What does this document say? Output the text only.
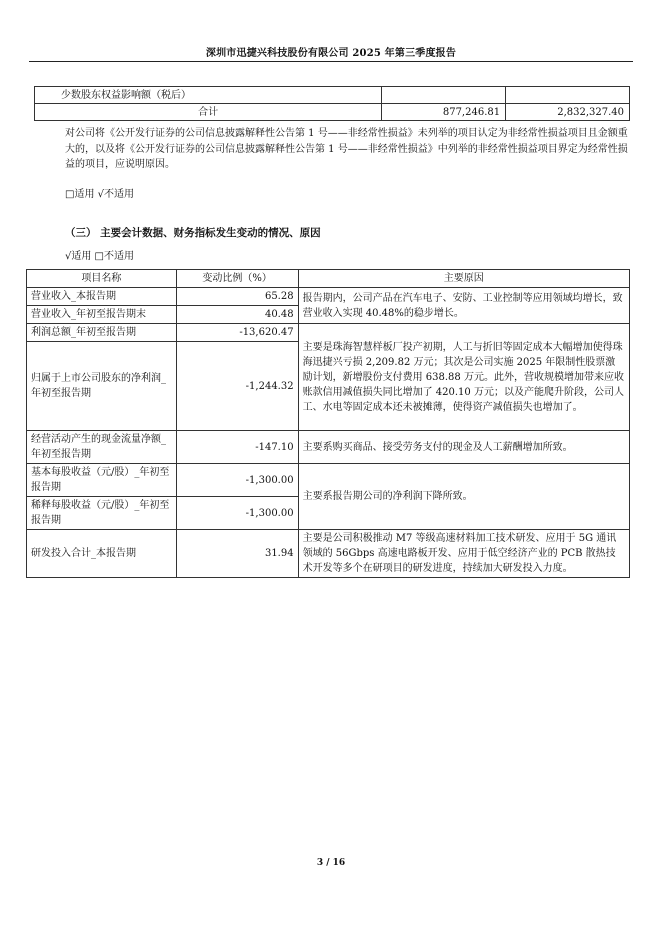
深圳市迅捷兴科技股份有限公司 2025 年第三季度报告
少数股东权益影响额（税后）		
合计	877,246.81	2,832,327.40
对公司将《公开发行证券的公司信息披露解释性公告第 1 号——非经常性损益》未列举的项目认定为非经常性损益项目且金额重大的，以及将《公开发行证券的公司信息披露解释性公告第 1 号——非经常性损益》中列举的非经常性损益项目界定为经常性损益的项目，应说明原因。
□适用 √不适用
（三） 主要会计数据、财务指标发生变动的情况、原因
√适用 □不适用
项目名称	变动比例（%）	主要原因
营业收入_本报告期	65.28	报告期内，公司产品在汽车电子、安防、工业控制等应用领域均增长，致营业收入实现 40.48%的稳步增长。
营业收入_年初至报告期末	40.48	
利润总额_年初至报告期	-13,620.47	主要是珠海智慧样板厂投产初期，人工与折旧等固定成本大幅增加使得珠海迅捷兴亏损 2,209.82 万元；其次是公司实施 2025 年限制性股票激励计划，新增股份支付费用 638.88 万元。此外，营收规模增加带来应收账款信用减值损失同比增加了 420.10 万元；以及产能爬升阶段，公司人工、水电等固定成本还未被摊薄，使得资产减值损失也增加了。
归属于上市公司股东的净利润_年初至报告期	-1,244.32	
经营活动产生的现金流量净额_年初至报告期	-147.10	主要系购买商品、接受劳务支付的现金及人工薪酬增加所致。
基本每股收益（元/股）_年初至报告期	-1,300.00	主要系报告期公司的净利润下降所致。
稀释每股收益（元/股）_年初至报告期	-1,300.00	
研发投入合计_本报告期	31.94	主要是公司积极推动 M7 等级高速材料加工技术研发、应用于 5G 通讯领域的 56Gbps 高速电路板开发、应用于低空经济产业的 PCB 散热技术开发等多个在研项目的研发进度，持续加大研发投入力度。
3 / 16
